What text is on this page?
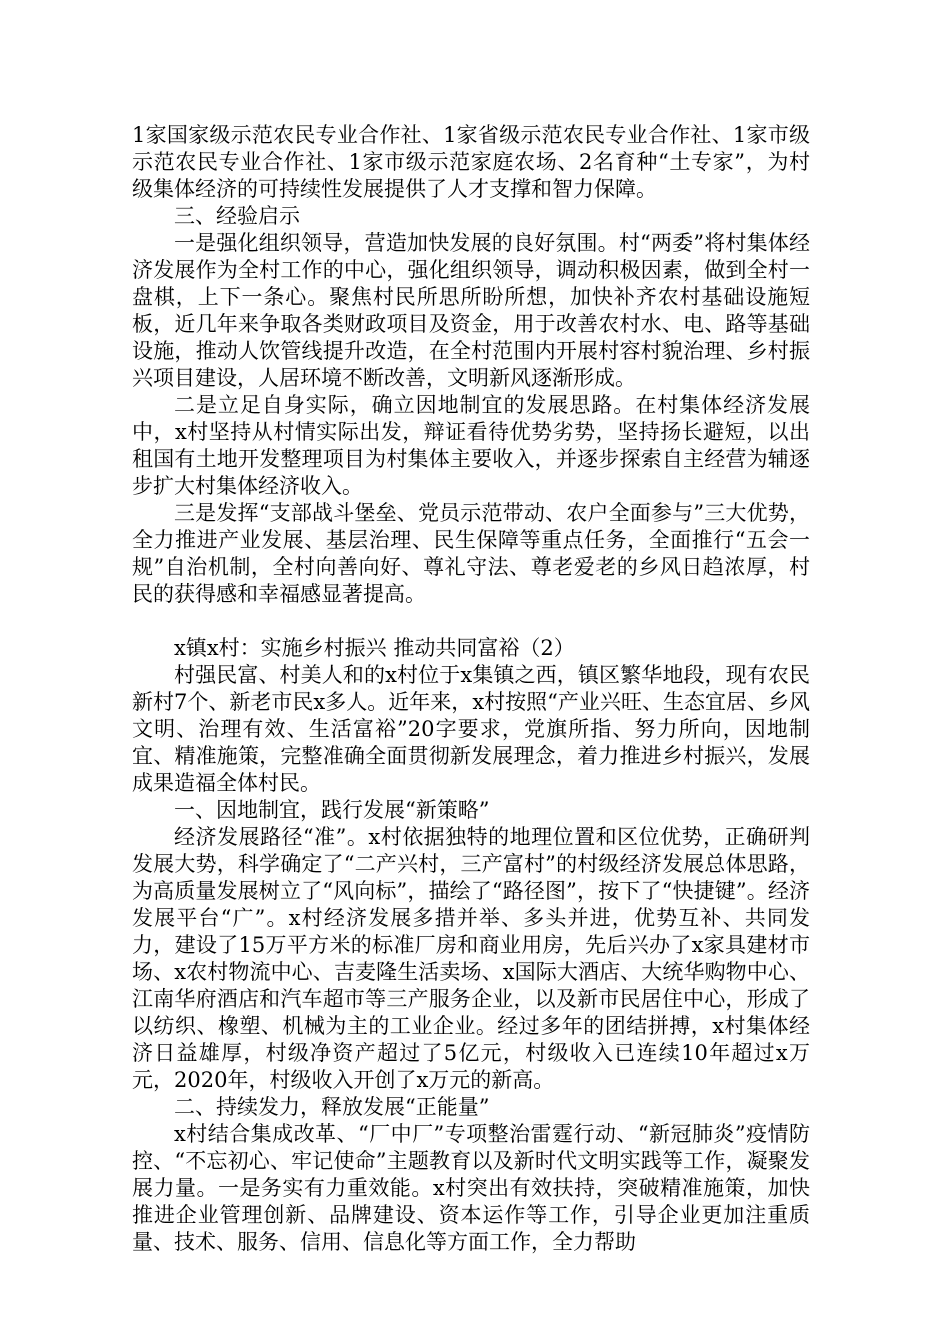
1家国家级示范农民专业合作社、1家省级示范农民专业合作社、1家市级示范农民专业合作社、1家市级示范家庭农场、2名育种“土专家”，为村级集体经济的可持续性发展提供了人才支撑和智力保障。

三、经验启示

一是强化组织领导，营造加快发展的良好氛围。村“两委”将村集体经济发展作为全村工作的中心，强化组织领导，调动积极因素，做到全村一盘棋，上下一条心。聚焦村民所思所盼所想，加快补齐农村基础设施短板，近几年来争取各类财政项目及资金，用于改善农村水、电、路等基础设施，推动人饮管线提升改造，在全村范围内开展村容村貌治理、乡村振兴项目建设，人居环境不断改善，文明新风逐渐形成。

二是立足自身实际，确立因地制宜的发展思路。在村集体经济发展中，x村坚持从村情实际出发，辩证看待优势劣势，坚持扬长避短，以出租国有土地开发整理项目为村集体主要收入，并逐步探索自主经营为辅逐步扩大村集体经济收入。

三是发挥“支部战斗堡垒、党员示范带动、农户全面参与”三大优势，全力推进产业发展、基层治理、民生保障等重点任务，全面推行“五会一规”自治机制，全村向善向好、尊礼守法、尊老爱老的乡风日趋浓厚，村民的获得感和幸福感显著提高。

x镇x村：实施乡村振兴 推动共同富裕（2）

村强民富、村美人和的x村位于x集镇之西，镇区繁华地段，现有农民新村7个、新老市民x多人。近年来，x村按照“产业兴旺、生态宜居、乡风文明、治理有效、生活富裕”20字要求，党旗所指、努力所向，因地制宜、精准施策，完整准确全面贯彻新发展理念，着力推进乡村振兴，发展成果造福全体村民。

一、因地制宜，践行发展“新策略”

经济发展路径“准”。x村依据独特的地理位置和区位优势，正确研判发展大势，科学确定了“二产兴村，三产富村”的村级经济发展总体思路，为高质量发展树立了“风向标”，描绘了“路径图”，按下了“快捷键”。经济发展平台“广”。x村经济发展多措并举、多头并进，优势互补、共同发力，建设了15万平方米的标准厂房和商业用房，先后兴办了x家具建材市场、x农村物流中心、吉麦隆生活卖场、x国际大酒店、大统华购物中心、江南华府酒店和汽车超市等三产服务企业，以及新市民居住中心，形成了以纺织、橡塑、机械为主的工业企业。经过多年的团结拼搏，x村集体经济日益雄厚，村级净资产超过了5亿元，村级收入已连续10年超过x万元，2020年，村级收入开创了x万元的新高。

二、持续发力，释放发展“正能量”

x村结合集成改革、“厂中厂”专项整治雷霆行动、“新冠肺炎”疫情防控、“不忘初心、牢记使命”主题教育以及新时代文明实践等工作，凝聚发展力量。一是务实有力重效能。x村突出有效扶持，突破精准施策，加快推进企业管理创新、品牌建设、资本运作等工作，引导企业更加注重质量、技术、服务、信用、信息化等方面工作，全力帮助
